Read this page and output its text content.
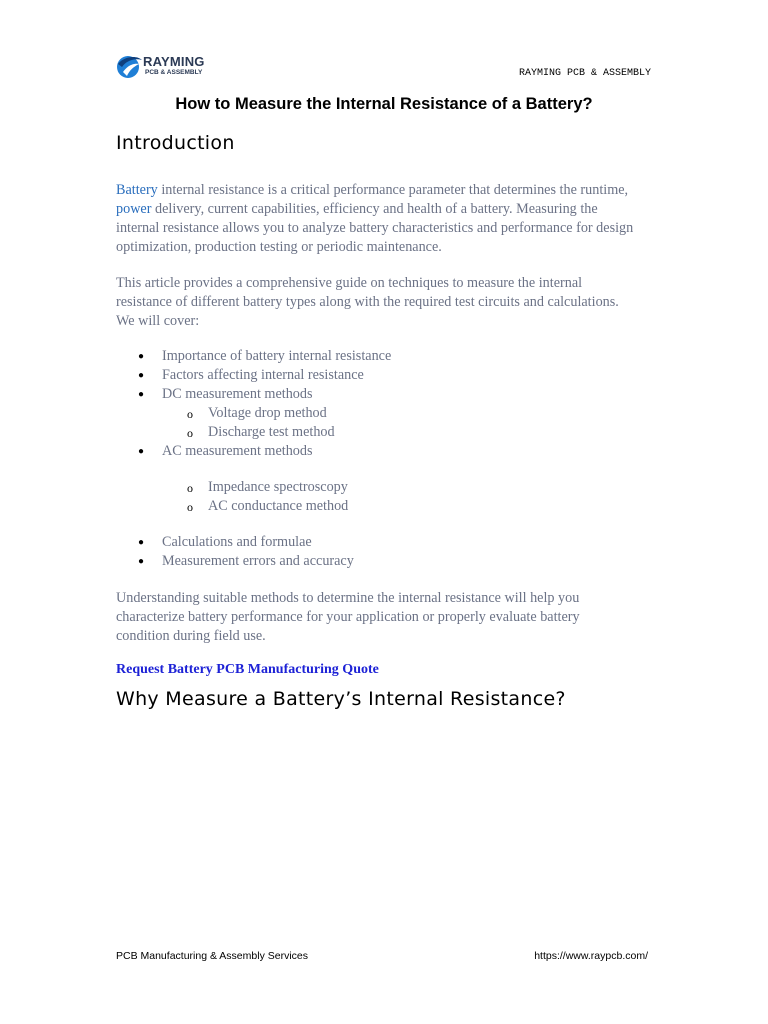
RAYMING
PCB & ASSEMBLY	RAYMING PCB & ASSEMBLY
How to Measure the Internal Resistance of a Battery?
Introduction

Battery internal resistance is a critical performance parameter that determines the runtime, power delivery, current capabilities, efficiency and health of a battery. Measuring the internal resistance allows you to analyze battery characteristics and performance for design optimization, production testing or periodic maintenance.

This article provides a comprehensive guide on techniques to measure the internal resistance of different battery types along with the required test circuits and calculations. We will cover:

● Importance of battery internal resistance
● Factors affecting internal resistance
● DC measurement methods
o Voltage drop method
o Discharge test method
● AC measurement methods
o Impedance spectroscopy
o AC conductance method
● Calculations and formulae
● Measurement errors and accuracy

Understanding suitable methods to determine the internal resistance will help you characterize battery performance for your application or properly evaluate battery condition during field use.

Request Battery PCB Manufacturing Quote
Why Measure a Battery’s Internal Resistance?
PCB Manufacturing & Assembly Services	https://www.raypcb.com/
